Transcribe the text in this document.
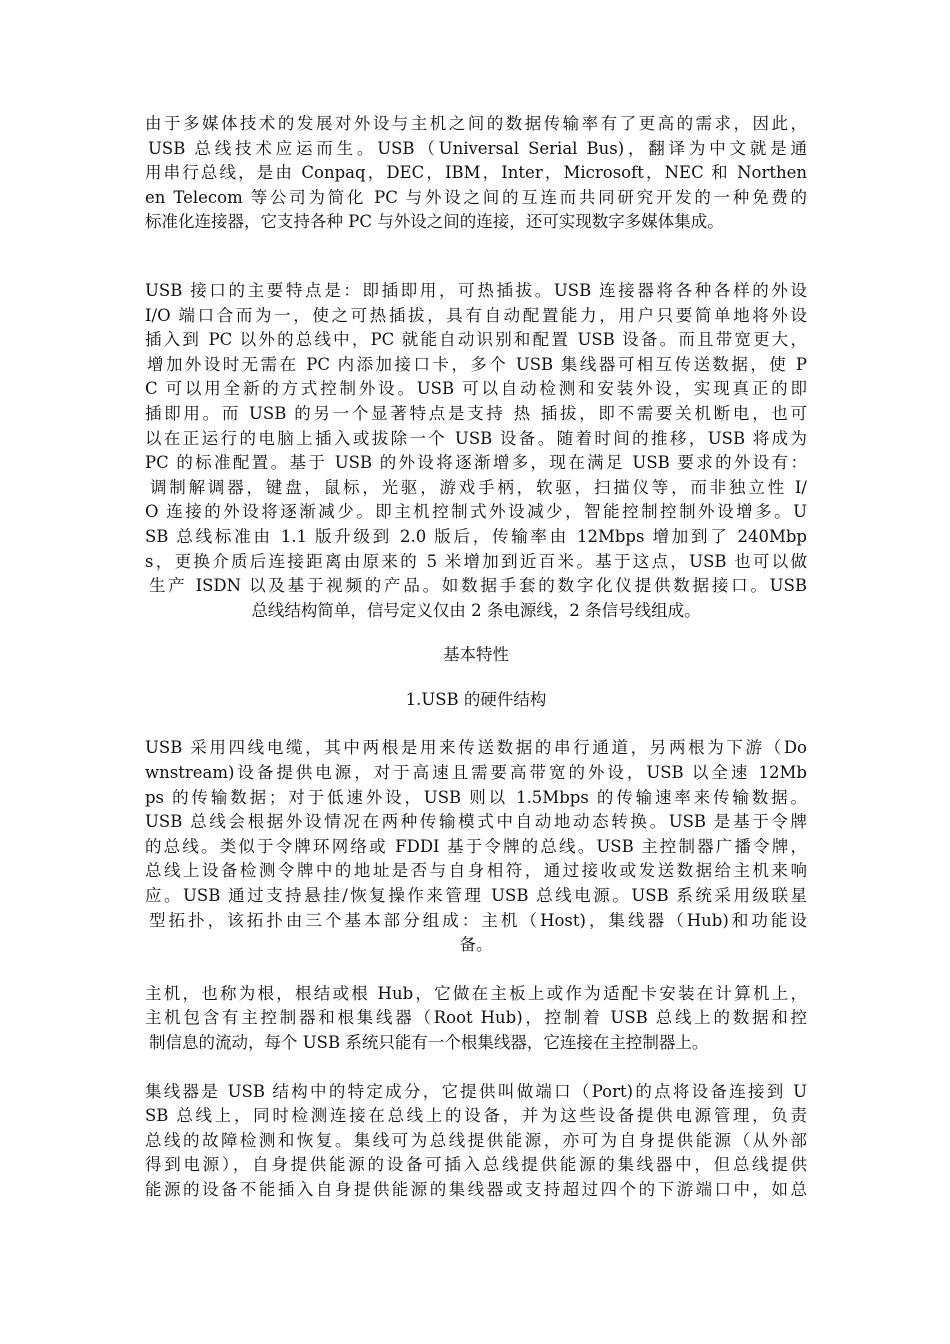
由于多媒体技术的发展对外设与主机之间的数据传输率有了更高的需求，因此，
USB 总线技术应运而生。USB（Universal Serial Bus)，翻译为中文就是通
用串行总线，是由 Conpaq，DEC，IBM，Inter，Microsoft，NEC 和 Northen
en Telecom 等公司为简化 PC 与外设之间的互连而共同研究开发的一种免费的
标准化连接器，它支持各种 PC 与外设之间的连接，还可实现数字多媒体集成。
USB 接口的主要特点是：即插即用，可热插拔。USB 连接器将各种各样的外设
I/O 端口合而为一，使之可热插拔，具有自动配置能力，用户只要简单地将外设
插入到 PC 以外的总线中，PC 就能自动识别和配置 USB 设备。而且带宽更大，
增加外设时无需在 PC 内添加接口卡，多个 USB 集线器可相互传送数据，使 P
C 可以用全新的方式控制外设。USB 可以自动检测和安装外设，实现真正的即
插即用。而 USB 的另一个显著特点是支持 热 插拔，即不需要关机断电，也可
以在正运行的电脑上插入或拔除一个 USB 设备。随着时间的推移，USB 将成为
PC 的标准配置。基于 USB 的外设将逐渐增多，现在满足 USB 要求的外设有：
调制解调器，键盘，鼠标，光驱，游戏手柄，软驱，扫描仪等，而非独立性 I/
O 连接的外设将逐渐减少。即主机控制式外设减少，智能控制控制外设增多。U
SB 总线标准由 1.1 版升级到 2.0 版后，传输率由 12Mbps 增加到了 240Mbp
s，更换介质后连接距离由原来的 5 米增加到近百米。基于这点，USB 也可以做
生产 ISDN 以及基于视频的产品。如数据手套的数字化仪提供数据接口。USB
总线结构简单，信号定义仅由 2 条电源线，2 条信号线组成。
基本特性
1.USB 的硬件结构
USB 采用四线电缆，其中两根是用来传送数据的串行通道，另两根为下游（Do
wnstream)设备提供电源，对于高速且需要高带宽的外设，USB 以全速 12Mb
ps 的传输数据；对于低速外设，USB 则以 1.5Mbps 的传输速率来传输数据。
USB 总线会根据外设情况在两种传输模式中自动地动态转换。USB 是基于令牌
的总线。类似于令牌环网络或 FDDI 基于令牌的总线。USB 主控制器广播令牌，
总线上设备检测令牌中的地址是否与自身相符，通过接收或发送数据给主机来响
应。USB 通过支持悬挂/恢复操作来管理 USB 总线电源。USB 系统采用级联星
型拓扑，该拓扑由三个基本部分组成：主机（Host)，集线器（Hub)和功能设
备。
主机，也称为根，根结或根 Hub，它做在主板上或作为适配卡安装在计算机上，
主机包含有主控制器和根集线器（Root Hub)，控制着 USB 总线上的数据和控
制信息的流动，每个 USB 系统只能有一个根集线器，它连接在主控制器上。
集线器是 USB 结构中的特定成分，它提供叫做端口（Port)的点将设备连接到 U
SB 总线上，同时检测连接在总线上的设备，并为这些设备提供电源管理，负责
总线的故障检测和恢复。集线可为总线提供能源，亦可为自身提供能源（从外部
得到电源），自身提供能源的设备可插入总线提供能源的集线器中，但总线提供
能源的设备不能插入自身提供能源的集线器或支持超过四个的下游端口中，如总
